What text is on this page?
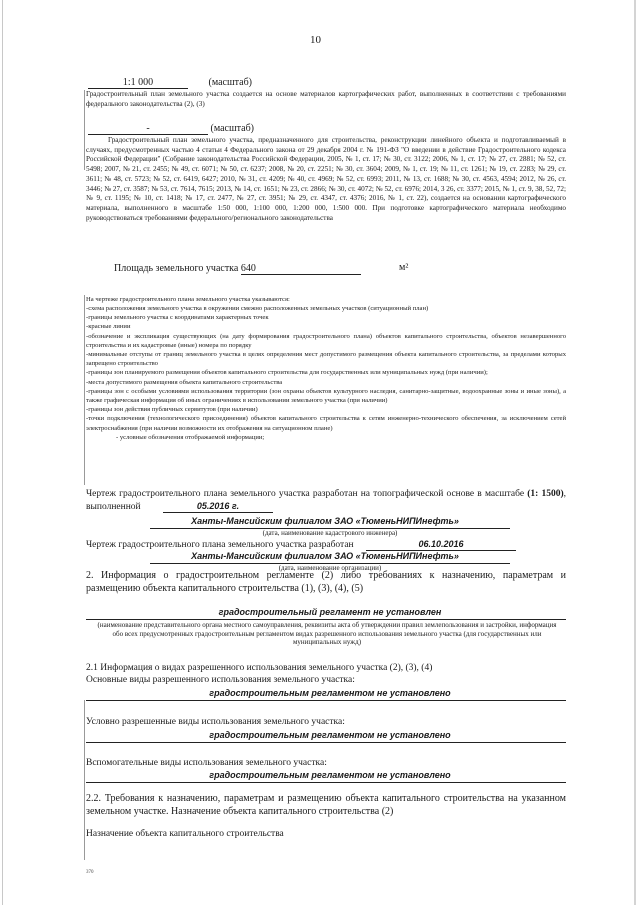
10
1:1 000	(масштаб)

Градостроительный план земельного участка создается на основе материалов картографических работ, выполненных в соответствии с требованиями федерального законодательства (2), (3)

-	(масштаб)

Градостроительный план земельного участка, предназначенного для строительства, реконструкции линейного объекта и подготавливаемый в случаях, предусмотренных частью 4 статьи 4 Федерального закона от 29 декабря 2004 г. № 191-ФЗ "О введении в действие Градостроительного кодекса Российской Федерации" (Собрание законодательства Российской Федерации, 2005, № 1, ст. 17; № 30, ст. 3122; 2006, № 1, ст. 17; № 27, ст. 2881; № 52, ст. 5498; 2007, № 21, ст. 2455; № 49, ст. 6071; № 50, ст. 6237; 2008, № 20, ст. 2251; № 30, ст. 3604; 2009, № 1, ст. 19; № 11, ст. 1261; № 19, ст. 2283; № 29, ст. 3611; № 48, ст. 5723; № 52, ст. 6419, 6427; 2010, № 31, ст. 4209; № 40, ст. 4969; № 52, ст. 6993; 2011, № 13, ст. 1688; № 30, ст. 4563, 4594; 2012, № 26, ст. 3446; № 27, ст. 3587; № 53, ст. 7614, 7615; 2013, № 14, ст. 1651; № 23, ст. 2866; № 30, ст. 4072; № 52, ст. 6976; 2014, 3 26, ст. 3377; 2015, № 1, ст. 9, 38, 52, 72; № 9, ст. 1195; № 10, ст. 1418; № 17, ст. 2477, № 27, ст. 3951; № 29, ст. 4347, ст. 4376; 2016, № 1, ст. 22), создается на основании картографического материала, выполненного в масштабе 1:50 000, 1:100 000, 1:200 000, 1:500 000. При подготовке картографического материала необходимо руководствоваться требованиями федерального/регионального законодательства

Площадь земельного участка 640	м²

На чертеже градостроительного плана земельного участка указываются:

-схема расположения земельного участка в окружении смежно расположенных земельных участков (ситуационный план)

-границы земельного участка с координатами характерных точек

-красные линии

-обозначение и экспликация существующих (на дату формирования градостроительного плана) объектов капитального строительства, объектов незавершенного строительства и их кадастровые (иные) номера по порядку

-минимальные отступы от границ земельного участка в целях определения мест допустимого размещения объекта капитального строительства, за пределами которых запрещено строительство

-границы зон планируемого размещения объектов капитального строительства для государственных или муниципальных нужд (при наличии);

-места допустимого размещения объекта капитального строительства

-границы зон с особыми условиями использования территории (зон охраны объектов культурного наследия, санитарно-защитные, водоохранные зоны и иные зоны), а также графическая информация об иных ограничениях в использовании земельного участка (при наличии)

-границы зон действия публичных сервитутов (при наличии)

-точки подключения (технологического присоединения) объектов капитального строительства к сетям инженерно-технического обеспечения, за исключением сетей электроснабжения (при наличии возможности их отображения на ситуационном плане)

- условные обозначения отображаемой информации;

Чертеж градостроительного плана земельного участка разработан на топографической основе в масштабе (1: 1500), выполненной	05.2016 г.
Ханты-Мансийским филиалом ЗАО «ТюменьНИПИнефть»
(дата, наименование кадастрового инженера)
Чертеж градостроительного плана земельного участка разработан	06.10.2016
Ханты-Мансийским филиалом ЗАО «ТюменьНИПИнефть»
(дата, наименование организации)

2. Информация о градостроительном регламенте (2) либо требованиях к назначению, параметрам и размещению объекта капитального строительства (1), (3), (4), (5)

градостроительный регламент не установлен

(наименование представительного органа местного самоуправления, реквизиты акта об утверждении правил землепользования и застройки, информация обо всех предусмотренных градостроительным регламентом видах разрешенного использования земельного участка (для государственных или муниципальных нужд)

2.1 Информация о видах разрешенного использования земельного участка (2), (3), (4)

Основные виды разрешенного использования земельного участка:

градостроительным регламентом не установлено

Условно разрешенные виды использования земельного участка:

градостроительным регламентом не установлено

Вспомогательные виды использования земельного участка:

градостроительным регламентом не установлено

2.2. Требования к назначению, параметрам и размещению объекта капитального строительства на указанном земельном участке. Назначение объекта капитального строительства (2)

Назначение объекта капитального строительства

370
